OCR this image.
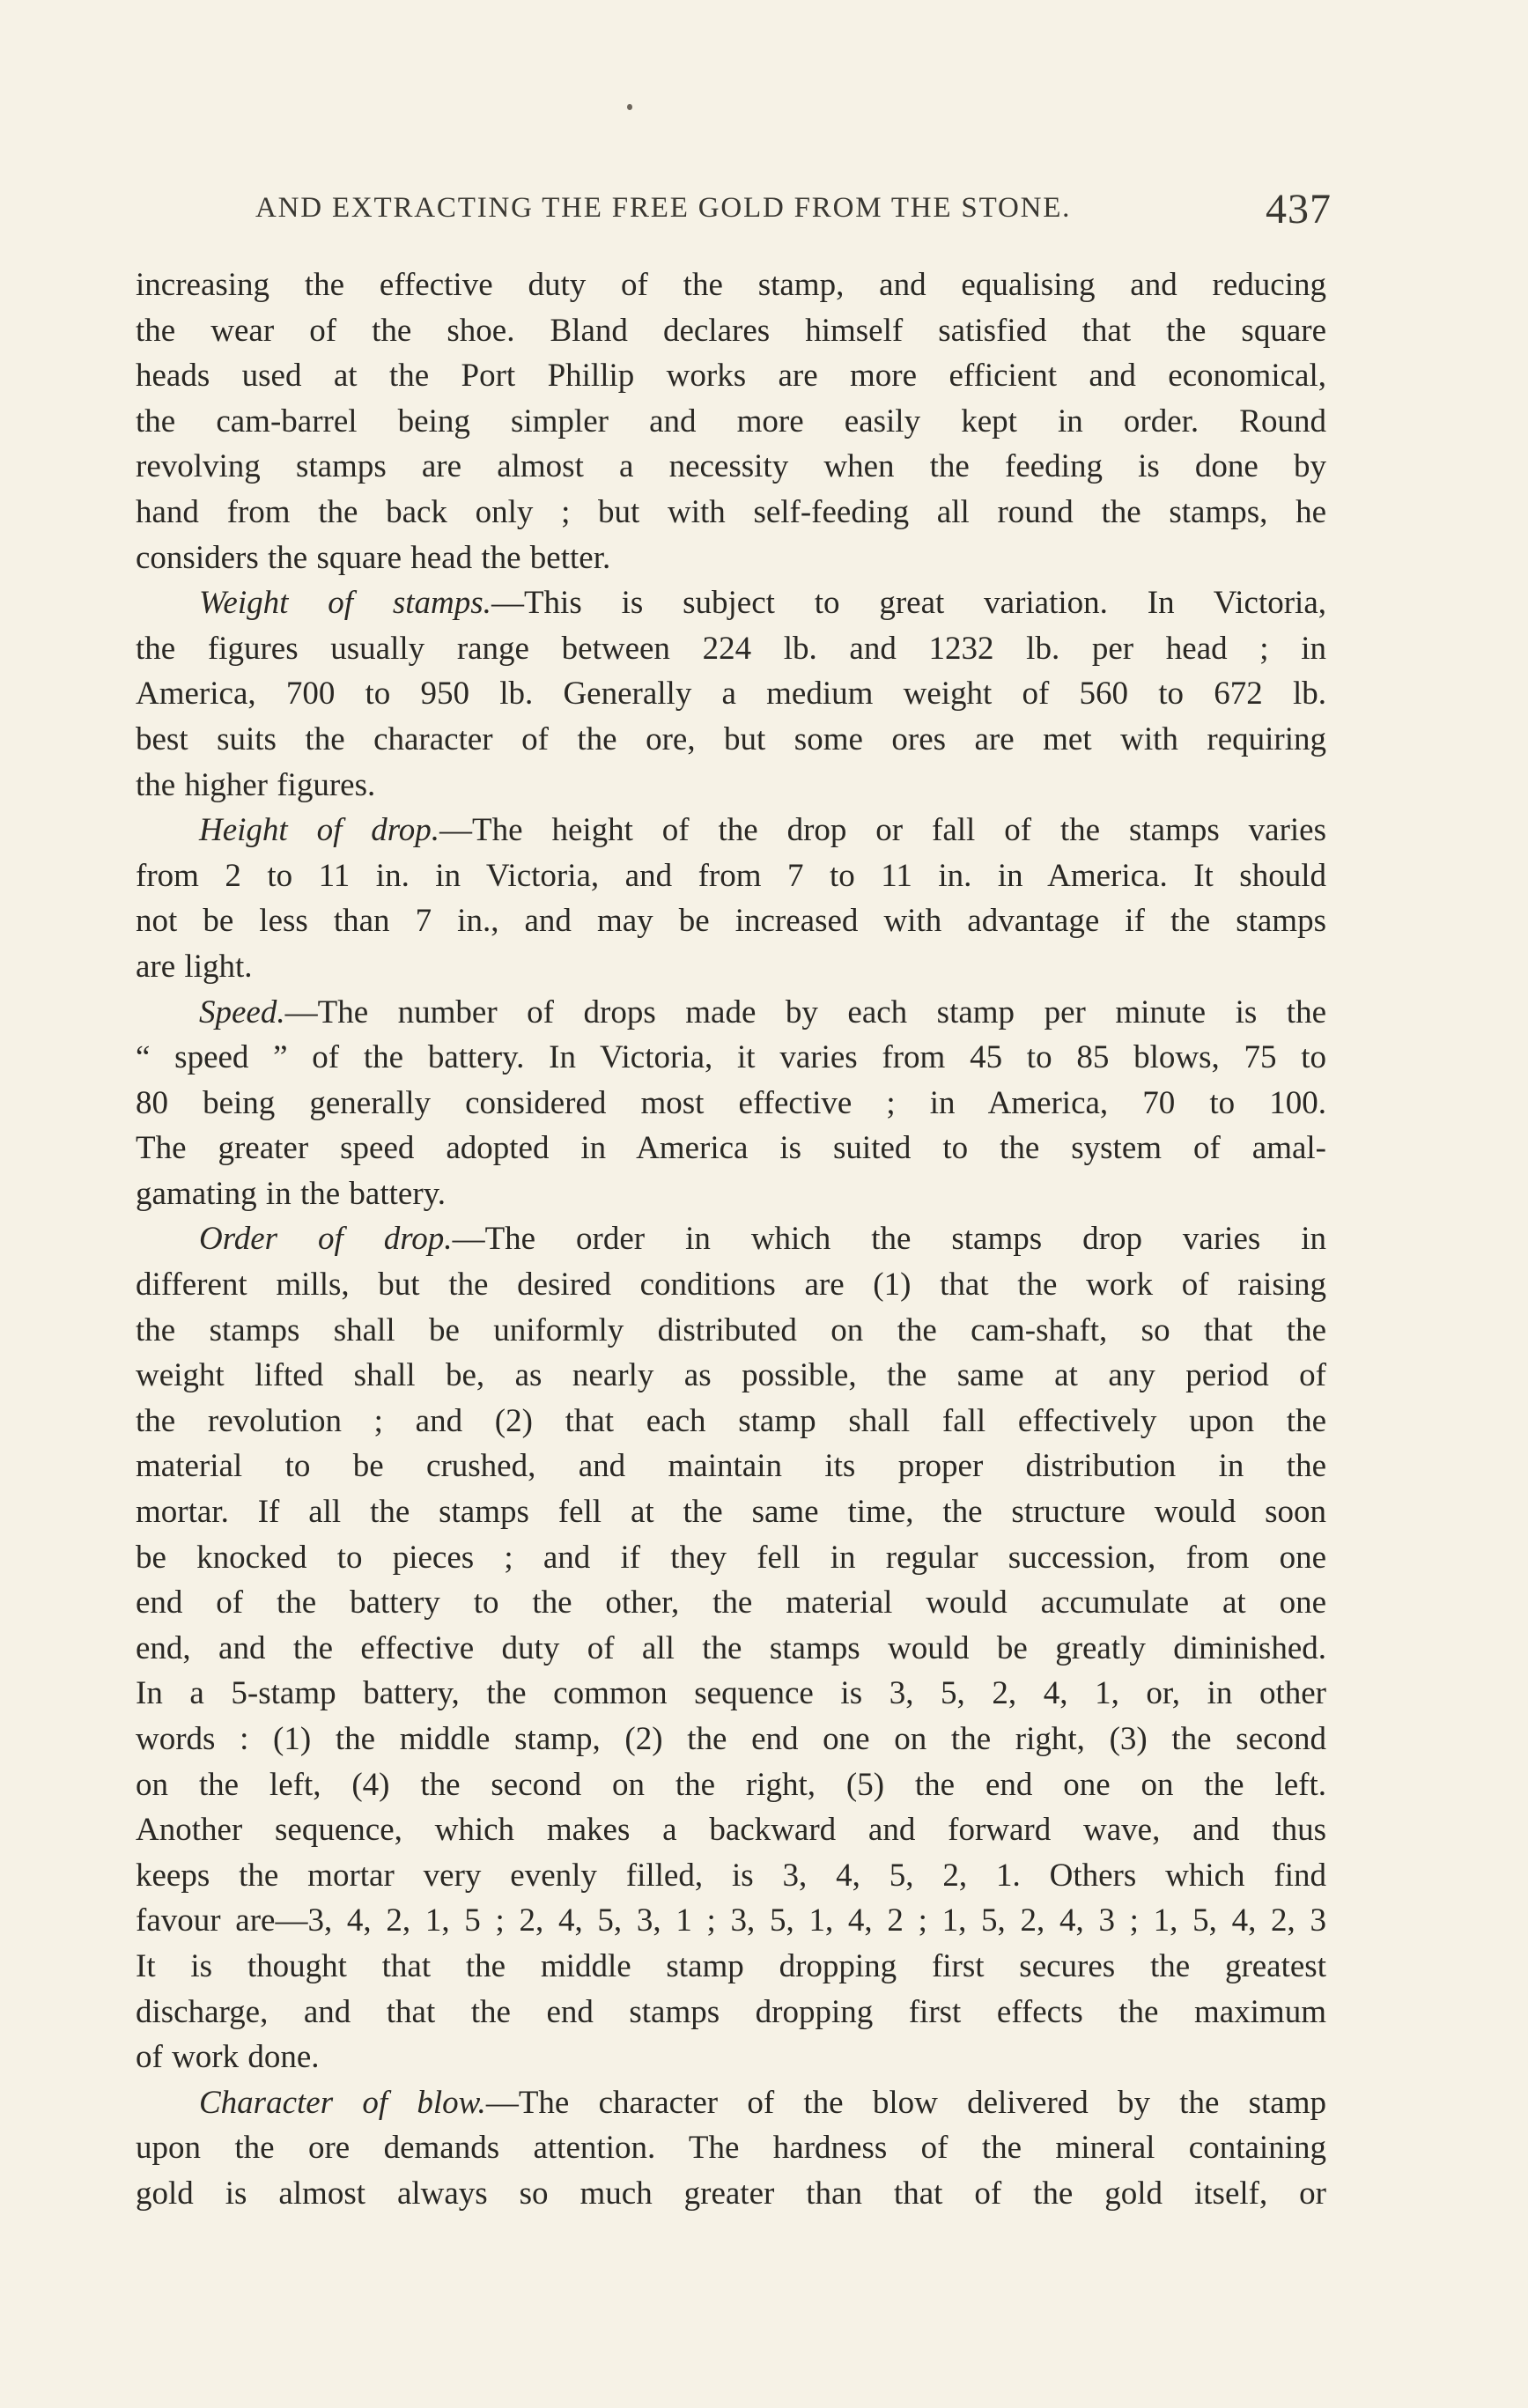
AND EXTRACTING THE FREE GOLD FROM THE STONE.	437
increasing the effective duty of the stamp, and equalising and reducing
the wear of the shoe. Bland declares himself satisfied that the square
heads used at the Port Phillip works are more efficient and economical,
the cam-barrel being simpler and more easily kept in order. Round
revolving stamps are almost a necessity when the feeding is done by
hand from the back only ; but with self-feeding all round the stamps, he
considers the square head the better.
Weight of stamps.—This is subject to great variation. In Victoria,
the figures usually range between 224 lb. and 1232 lb. per head ; in
America, 700 to 950 lb. Generally a medium weight of 560 to 672 lb.
best suits the character of the ore, but some ores are met with requiring
the higher figures.
Height of drop.—The height of the drop or fall of the stamps varies
from 2 to 11 in. in Victoria, and from 7 to 11 in. in America. It should
not be less than 7 in., and may be increased with advantage if the stamps
are light.
Speed.—The number of drops made by each stamp per minute is the
“ speed ” of the battery. In Victoria, it varies from 45 to 85 blows, 75 to
80 being generally considered most effective ; in America, 70 to 100.
The greater speed adopted in America is suited to the system of amal-
gamating in the battery.
Order of drop.—The order in which the stamps drop varies in
different mills, but the desired conditions are (1) that the work of raising
the stamps shall be uniformly distributed on the cam-shaft, so that the
weight lifted shall be, as nearly as possible, the same at any period of
the revolution ; and (2) that each stamp shall fall effectively upon the
material to be crushed, and maintain its proper distribution in the
mortar. If all the stamps fell at the same time, the structure would soon
be knocked to pieces ; and if they fell in regular succession, from one
end of the battery to the other, the material would accumulate at one
end, and the effective duty of all the stamps would be greatly diminished.
In a 5-stamp battery, the common sequence is 3, 5, 2, 4, 1, or, in other
words : (1) the middle stamp, (2) the end one on the right, (3) the second
on the left, (4) the second on the right, (5) the end one on the left.
Another sequence, which makes a backward and forward wave, and thus
keeps the mortar very evenly filled, is 3, 4, 5, 2, 1. Others which find
favour are—3, 4, 2, 1, 5 ; 2, 4, 5, 3, 1 ; 3, 5, 1, 4, 2 ; 1, 5, 2, 4, 3 ; 1, 5, 4, 2, 3
It is thought that the middle stamp dropping first secures the greatest
discharge, and that the end stamps dropping first effects the maximum
of work done.
Character of blow.—The character of the blow delivered by the stamp
upon the ore demands attention. The hardness of the mineral containing
gold is almost always so much greater than that of the gold itself, or
